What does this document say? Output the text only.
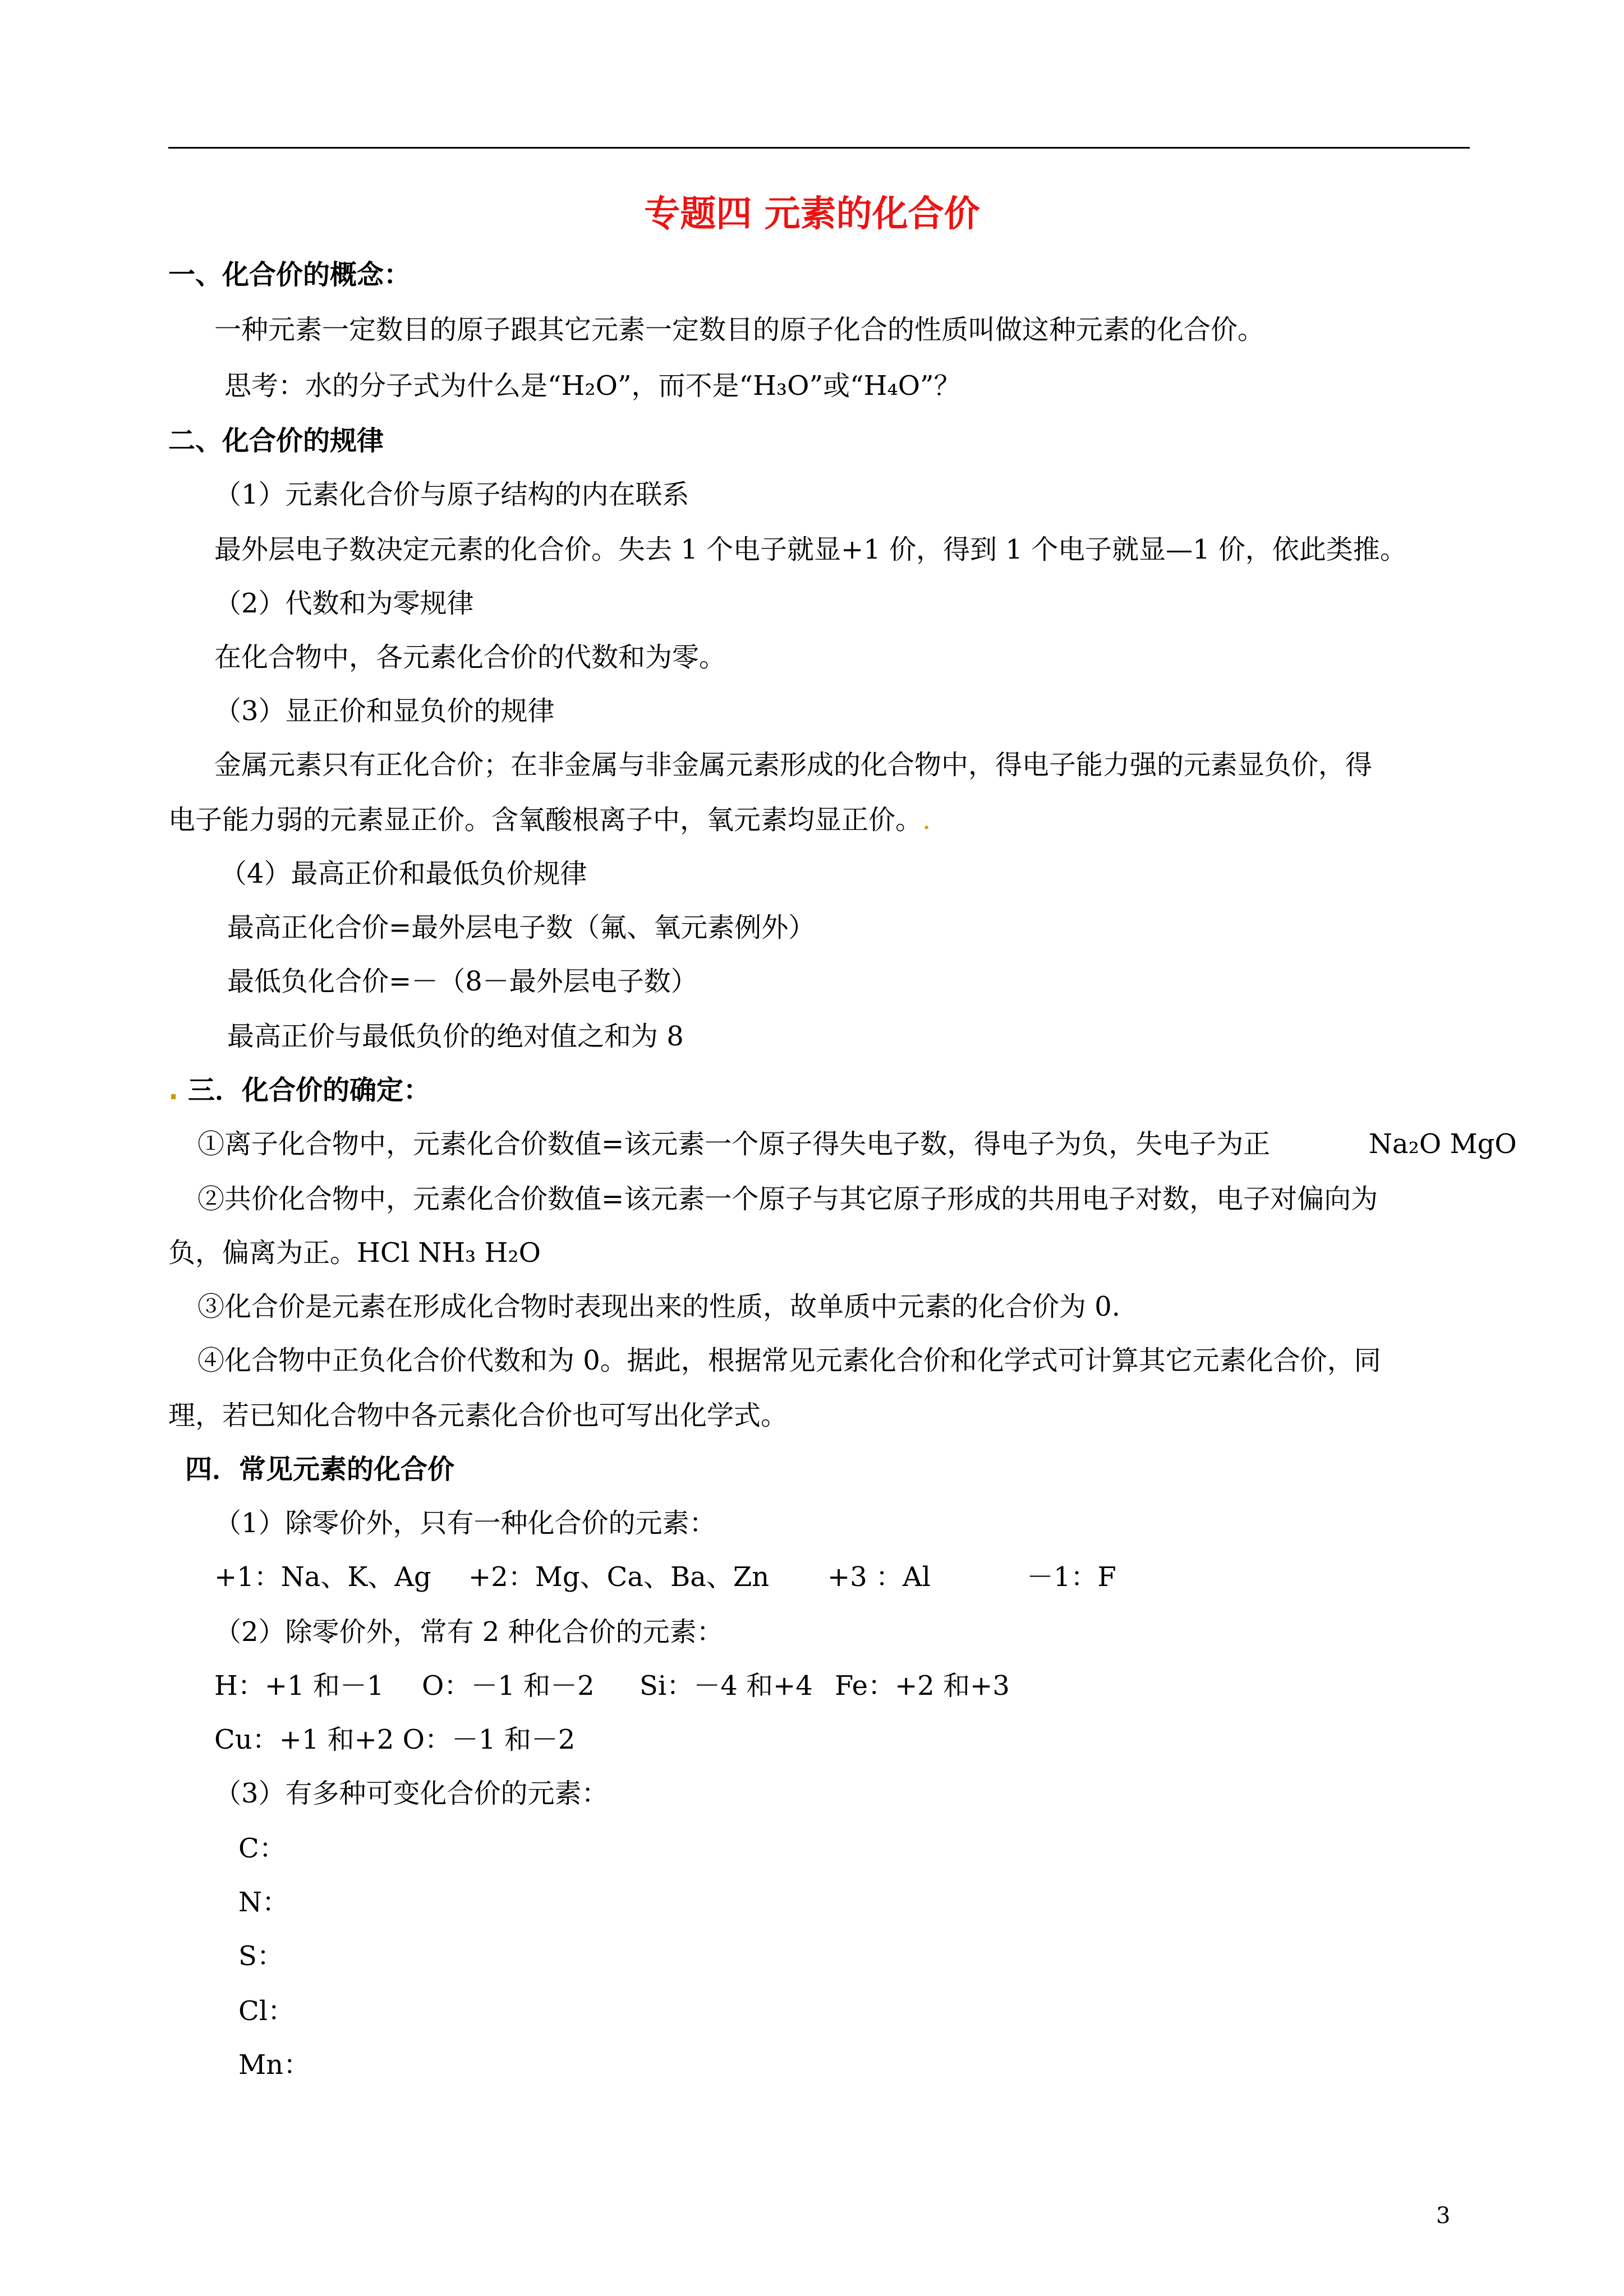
专题四 元素的化合价
一、化合价的概念：
一种元素一定数目的原子跟其它元素一定数目的原子化合的性质叫做这种元素的化合价。
思考：水的分子式为什么是“H₂O”，而不是“H₃O”或“H₄O”？
二、化合价的规律
（1）元素化合价与原子结构的内在联系
最外层电子数决定元素的化合价。失去 1 个电子就显+1 价，得到 1 个电子就显—1 价，依此类推。
（2）代数和为零规律
在化合物中，各元素化合价的代数和为零。
（3）显正价和显负价的规律
金属元素只有正化合价；在非金属与非金属元素形成的化合物中，得电子能力强的元素显负价，得
电子能力弱的元素显正价。含氧酸根离子中，氧元素均显正价。.
（4）最高正价和最低负价规律
最高正化合价=最外层电子数（氟、氧元素例外）
最低负化合价=－（8－最外层电子数）
最高正价与最低负价的绝对值之和为 8
. 三．化合价的确定：
①离子化合物中，元素化合价数值=该元素一个原子得失电子数，得电子为负，失电子为正	Na₂O MgO
②共价化合物中，元素化合价数值=该元素一个原子与其它原子形成的共用电子对数，电子对偏向为
负，偏离为正。HCl NH₃ H₂O
③化合价是元素在形成化合物时表现出来的性质，故单质中元素的化合价为 0.
④化合物中正负化合价代数和为 0。据此，根据常见元素化合价和化学式可计算其它元素化合价，同
理，若已知化合物中各元素化合价也可写出化学式。
四．常见元素的化合价
（1）除零价外，只有一种化合价的元素：
+1：Na、K、Ag +2：Mg、Ca、Ba、Zn +3 ：Al	－1：F
（2）除零价外，常有 2 种化合价的元素：
H：+1 和－1 O：－1 和－2 Si：－4 和+4 Fe：+2 和+3
Cu：+1 和+2 O：－1 和－2
（3）有多种可变化合价的元素：
C：
N：
S：
Cl：
Mn：
3
